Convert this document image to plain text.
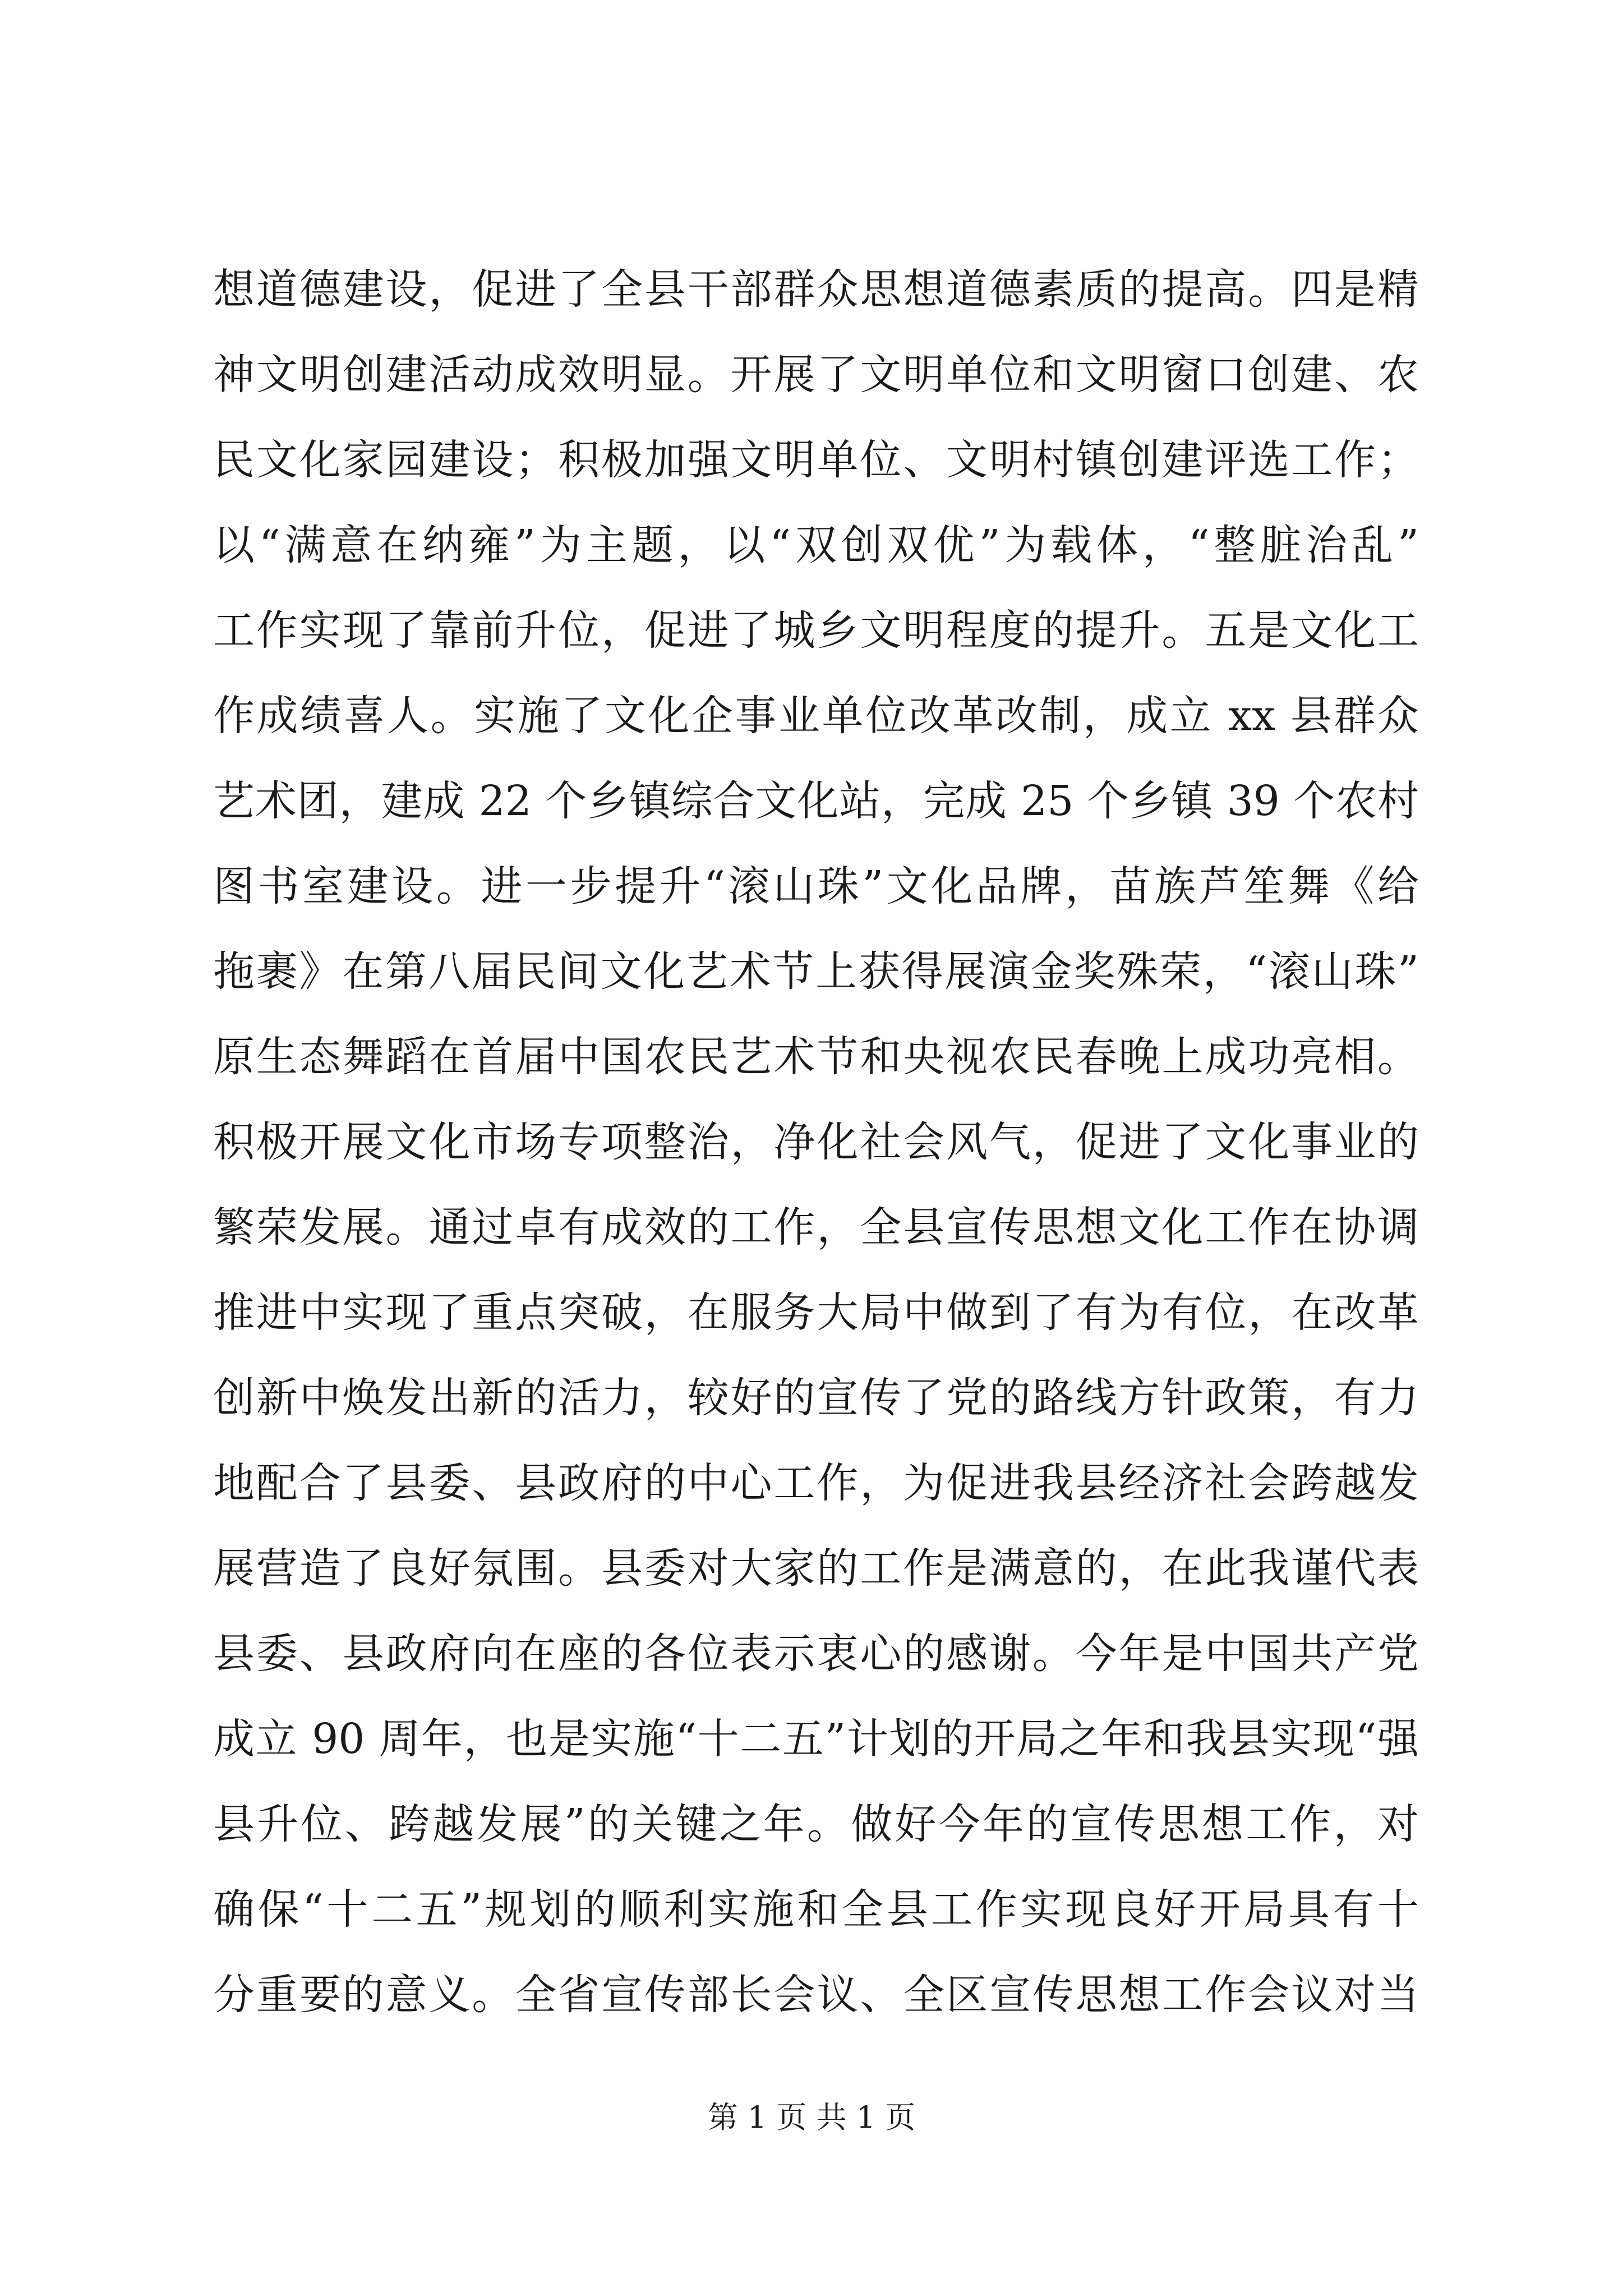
想道德建设，促进了全县干部群众思想道德素质的提高。四是精
神文明创建活动成效明显。开展了文明单位和文明窗口创建、农
民文化家园建设；积极加强文明单位、文明村镇创建评选工作；
以“满意在纳雍”为主题，以“双创双优”为载体，“整脏治乱”
工作实现了靠前升位，促进了城乡文明程度的提升。五是文化工
作成绩喜人。实施了文化企事业单位改革改制，成立 xx 县群众
艺术团，建成 22 个乡镇综合文化站，完成 25 个乡镇 39 个农村
图书室建设。进一步提升“滚山珠”文化品牌，苗族芦笙舞《给
拖裹》在第八届民间文化艺术节上获得展演金奖殊荣，“滚山珠”
原生态舞蹈在首届中国农民艺术节和央视农民春晚上成功亮相。
积极开展文化市场专项整治，净化社会风气，促进了文化事业的
繁荣发展。通过卓有成效的工作，全县宣传思想文化工作在协调
推进中实现了重点突破，在服务大局中做到了有为有位，在改革
创新中焕发出新的活力，较好的宣传了党的路线方针政策，有力
地配合了县委、县政府的中心工作，为促进我县经济社会跨越发
展营造了良好氛围。县委对大家的工作是满意的，在此我谨代表
县委、县政府向在座的各位表示衷心的感谢。今年是中国共产党
成立 90 周年，也是实施“十二五”计划的开局之年和我县实现“强
县升位、跨越发展”的关键之年。做好今年的宣传思想工作，对
确保“十二五”规划的顺利实施和全县工作实现良好开局具有十
分重要的意义。全省宣传部长会议、全区宣传思想工作会议对当
第 1 页 共 1 页
